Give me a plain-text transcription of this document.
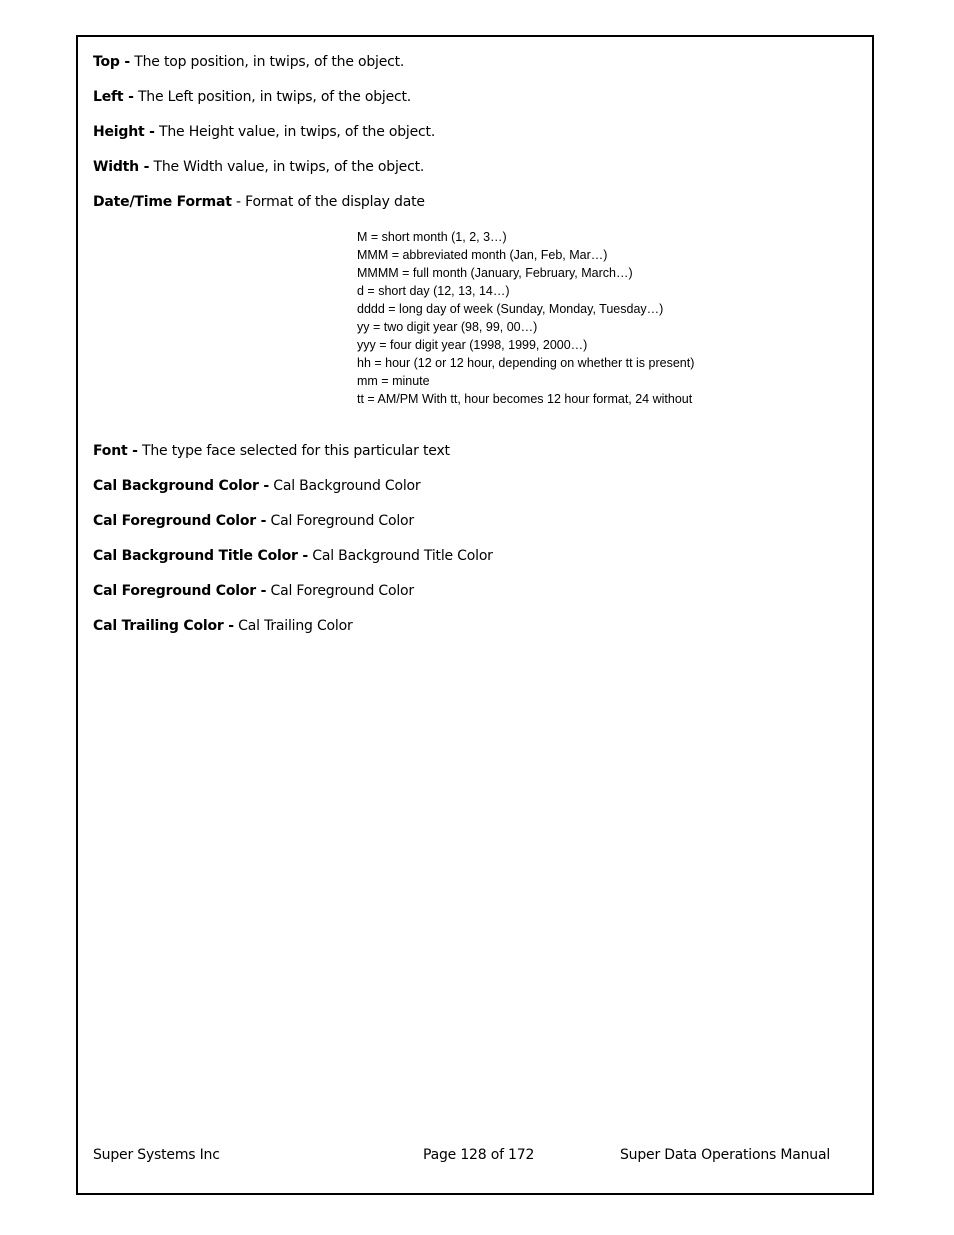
Top - The top position, in twips, of the object.
Left - The Left position, in twips, of the object.
Height - The Height value, in twips, of the object.
Width - The Width value, in twips, of the object.
Date/Time Format - Format of the display date
M = short month (1, 2, 3…)
MMM = abbreviated month (Jan, Feb, Mar…)
MMMM = full month (January, February, March…)
d = short day (12, 13, 14…)
dddd = long day of week (Sunday, Monday, Tuesday…)
yy = two digit year (98, 99, 00…)
yyy = four digit year (1998, 1999, 2000…)
hh = hour (12 or 12 hour, depending on whether tt is present)
mm = minute
tt = AM/PM With tt, hour becomes 12 hour format, 24 without
Font - The type face selected for this particular text
Cal Background Color - Cal Background Color
Cal Foreground Color - Cal Foreground Color
Cal Background Title Color - Cal Background Title Color
Cal Foreground Color - Cal Foreground Color
Cal Trailing Color - Cal Trailing Color
Super Systems Inc	Page 128 of 172	Super Data Operations Manual
